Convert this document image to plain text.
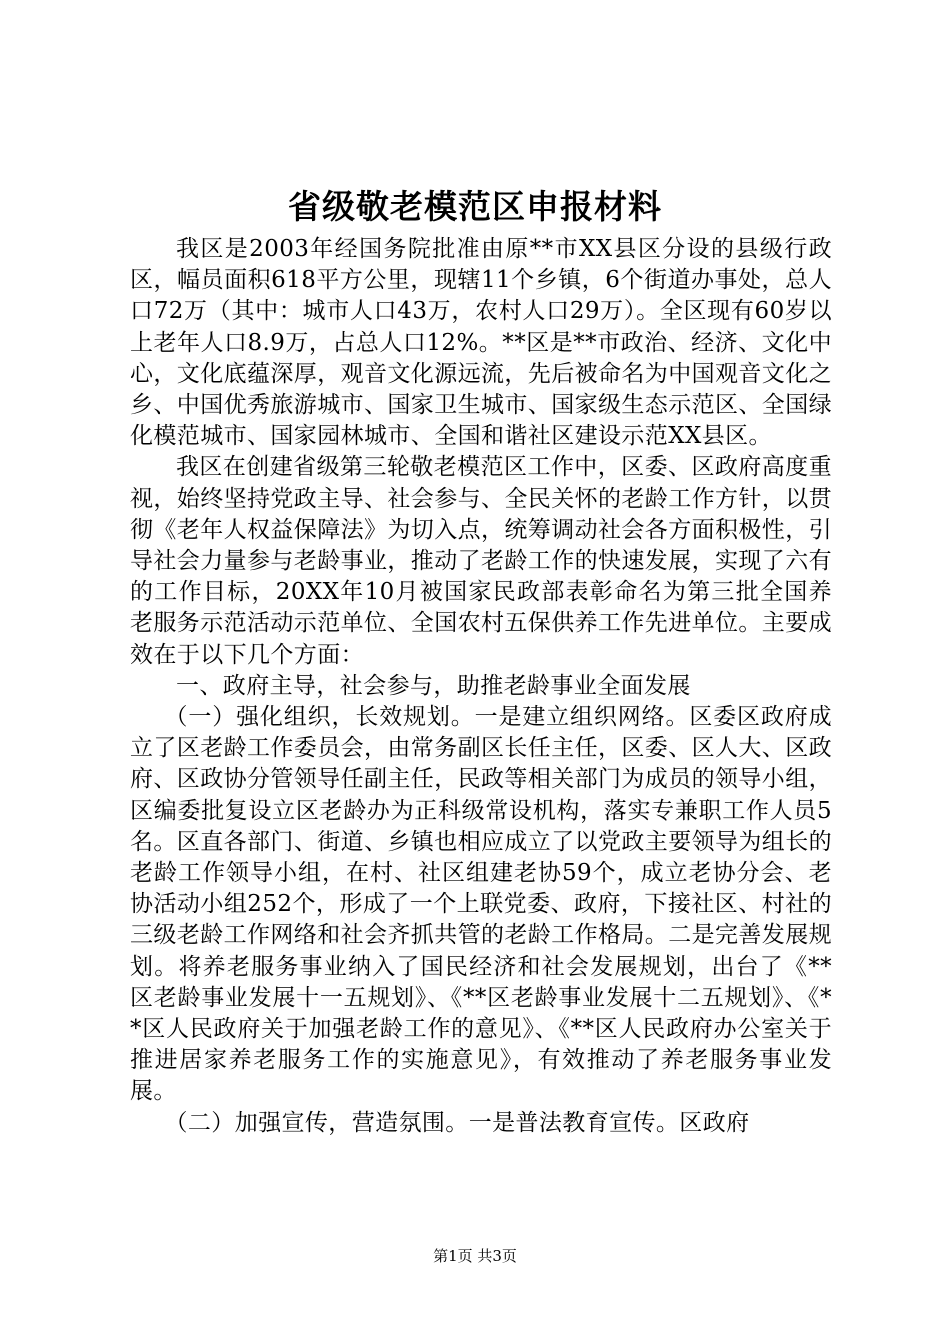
省级敬老模范区申报材料

我区是2003年经国务院批准由原**市XX县区分设的县级行政区，幅员面积618平方公里，现辖11个乡镇，6个街道办事处，总人口72万（其中：城市人口43万，农村人口29万）。全区现有60岁以上老年人口8.9万，占总人口12%。**区是**市政治、经济、文化中心，文化底蕴深厚，观音文化源远流，先后被命名为中国观音文化之乡、中国优秀旅游城市、国家卫生城市、国家级生态示范区、全国绿化模范城市、国家园林城市、全国和谐社区建设示范XX县区。

我区在创建省级第三轮敬老模范区工作中，区委、区政府高度重视，始终坚持党政主导、社会参与、全民关怀的老龄工作方针，以贯彻《老年人权益保障法》为切入点，统筹调动社会各方面积极性，引导社会力量参与老龄事业，推动了老龄工作的快速发展，实现了六有的工作目标，20XX年10月被国家民政部表彰命名为第三批全国养老服务示范活动示范单位、全国农村五保供养工作先进单位。主要成效在于以下几个方面：

一、政府主导，社会参与，助推老龄事业全面发展

（一）强化组织，长效规划。一是建立组织网络。区委区政府成立了区老龄工作委员会，由常务副区长任主任，区委、区人大、区政府、区政协分管领导任副主任，民政等相关部门为成员的领导小组，区编委批复设立区老龄办为正科级常设机构，落实专兼职工作人员5名。区直各部门、街道、乡镇也相应成立了以党政主要领导为组长的老龄工作领导小组，在村、社区组建老协59个，成立老协分会、老协活动小组252个，形成了一个上联党委、政府，下接社区、村社的三级老龄工作网络和社会齐抓共管的老龄工作格局。二是完善发展规划。将养老服务事业纳入了国民经济和社会发展规划，出台了《**区老龄事业发展十一五规划》、《**区老龄事业发展十二五规划》、《**区人民政府关于加强老龄工作的意见》、《**区人民政府办公室关于推进居家养老服务工作的实施意见》，有效推动了养老服务事业发展。

（二）加强宣传，营造氛围。一是普法教育宣传。区政府

第1页 共3页
